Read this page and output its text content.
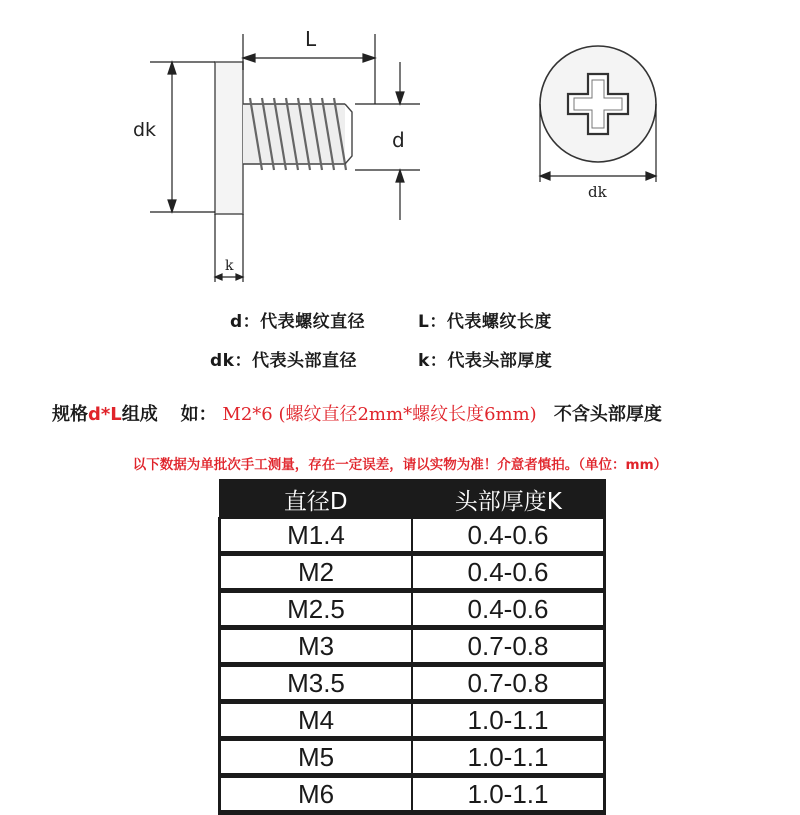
L
dk	d
k
dk
d：代表螺纹直径	L：代表螺纹长度
dk：代表头部直径	k：代表头部厚度
规格d*L组成 如： M2*6 (螺纹直径2mm*螺纹长度6mm) 不含头部厚度
以下数据为单批次手工测量，存在一定误差，请以实物为准！介意者慎拍。（单位：mm）
直径D	头部厚度K
M1.4	0.4-0.6
M2	0.4-0.6
M2.5	0.4-0.6
M3	0.7-0.8
M3.5	0.7-0.8
M4	1.0-1.1
M5	1.0-1.1
M6	1.0-1.1
